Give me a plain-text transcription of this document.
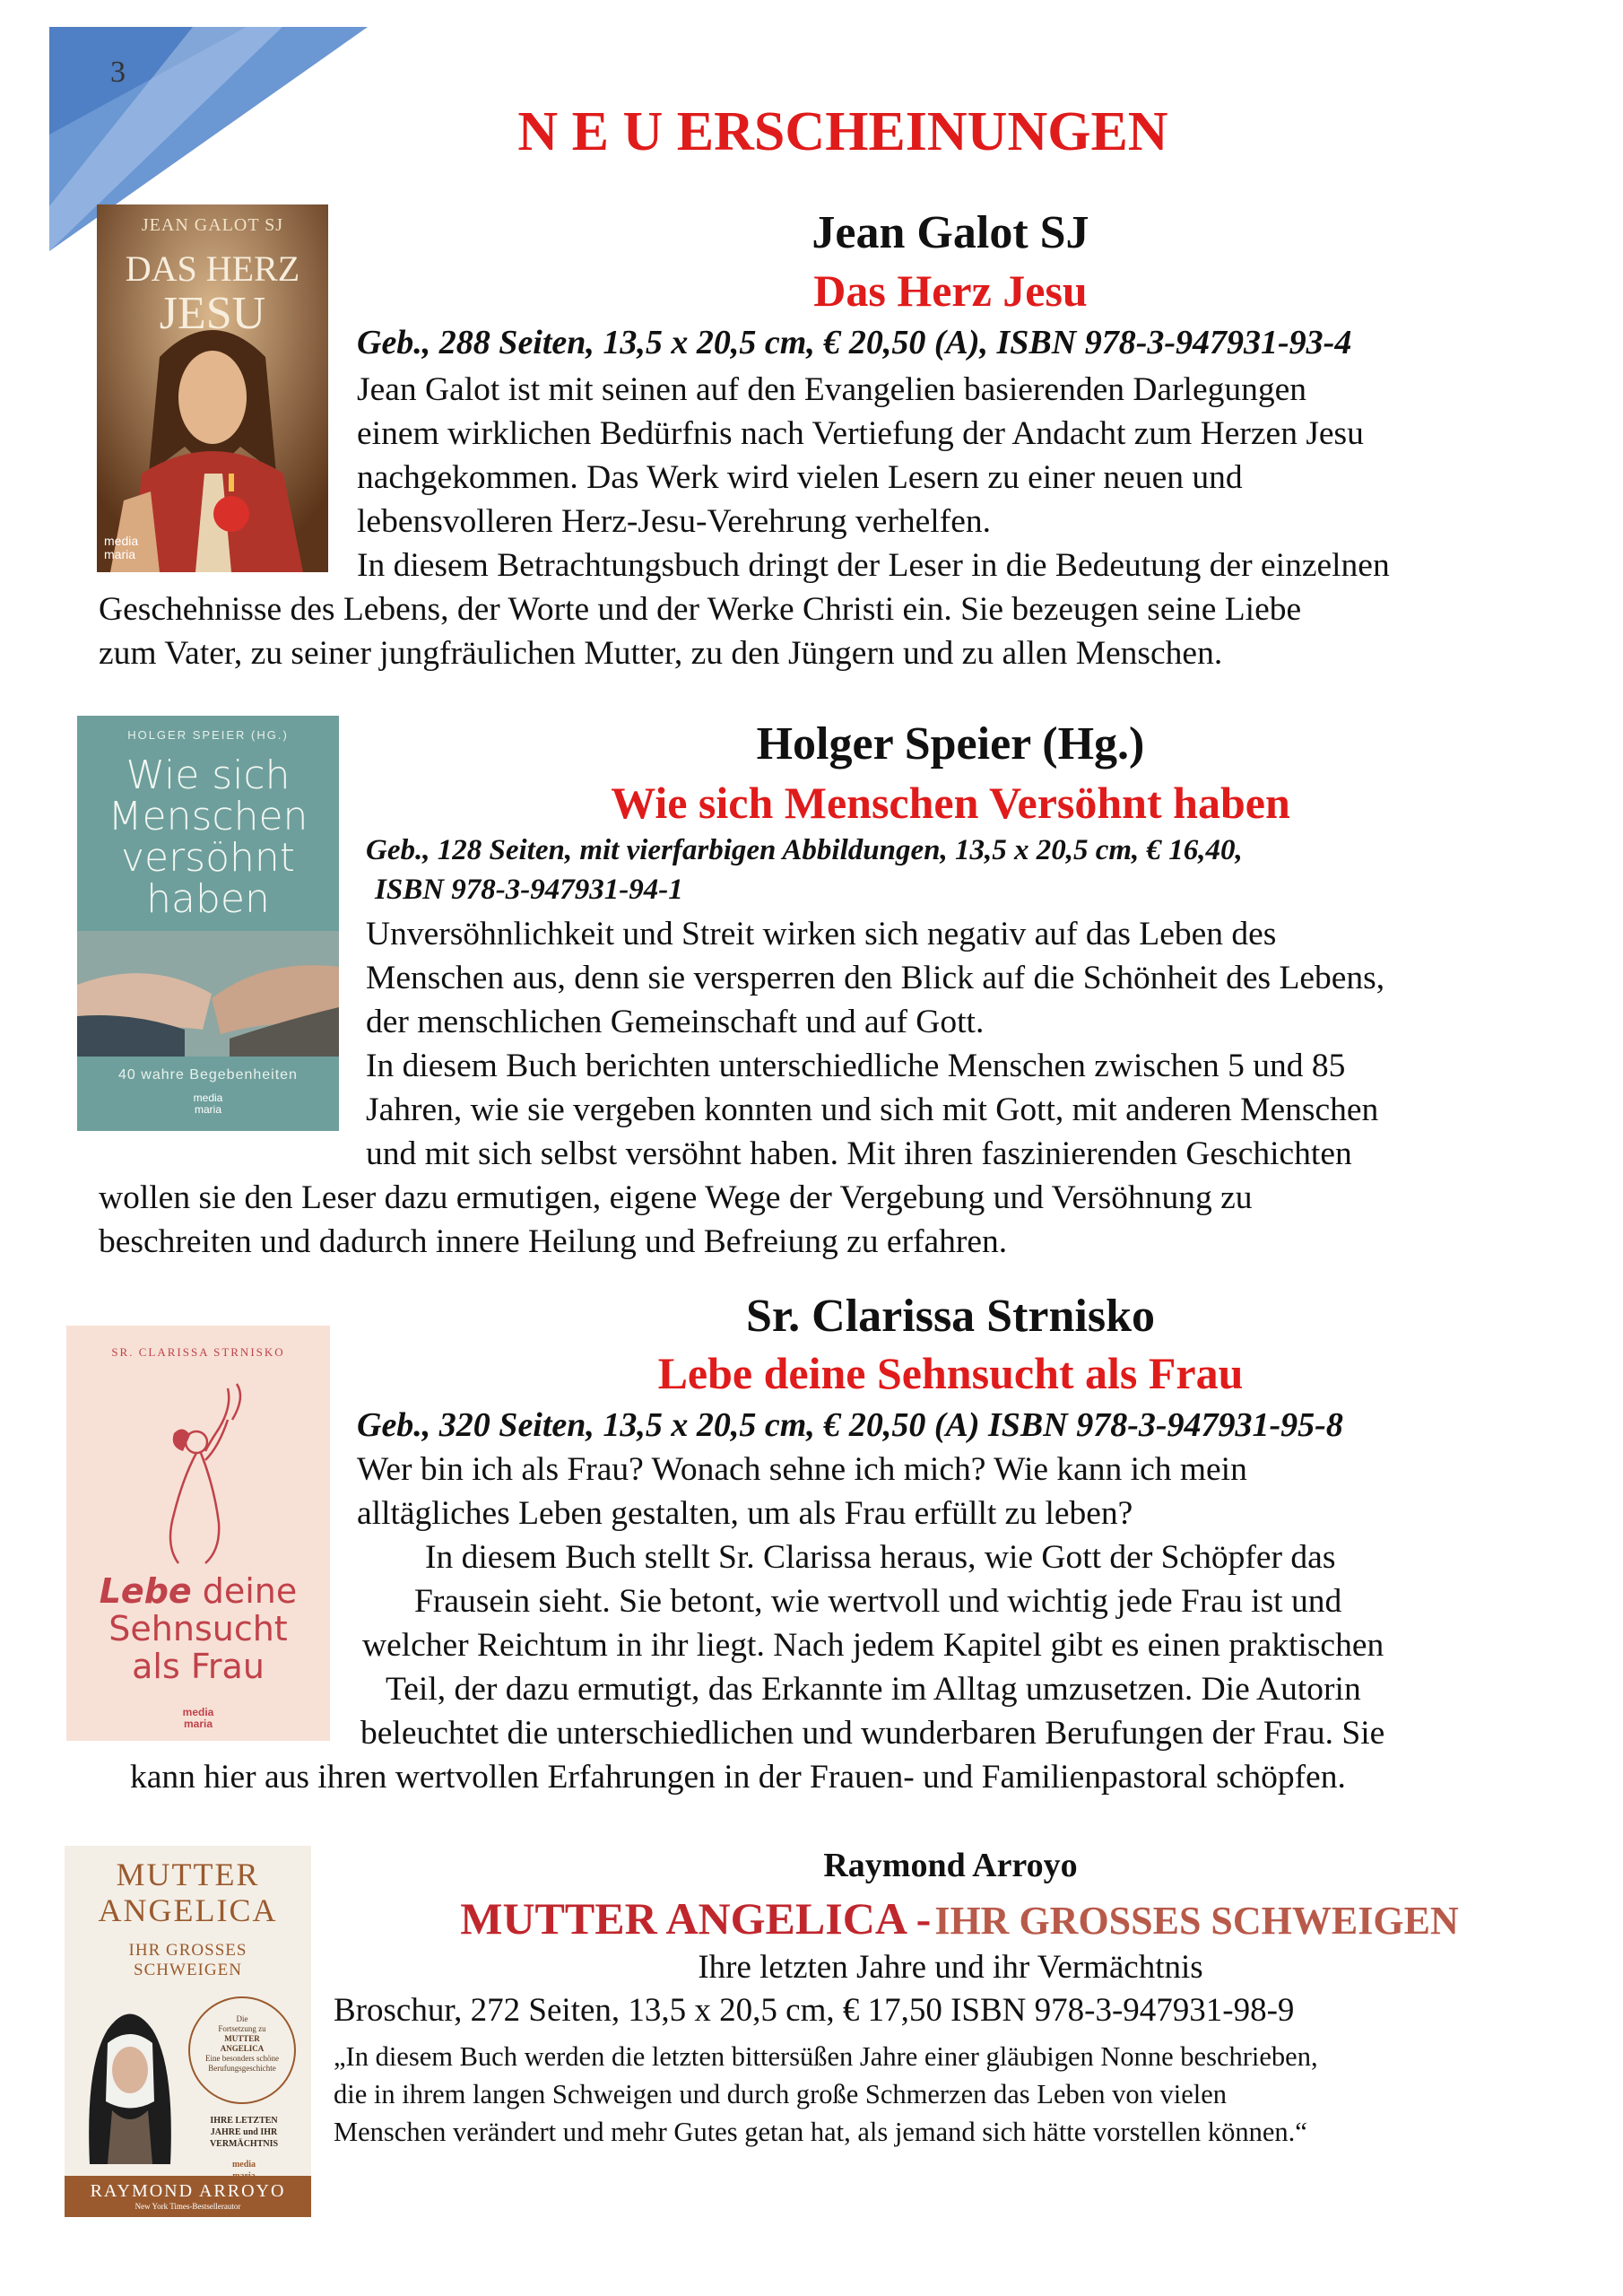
3
N E U ERSCHEINUNGEN
JEAN GALOT SJ
DAS HERZ
JESU
media
maria
Jean Galot SJ
Das Herz Jesu
Geb., 288 Seiten, 13,5 x 20,5 cm, € 20,50 (A), ISBN 978-3-947931-93-4

Jean Galot ist mit seinen auf den Evangelien basierenden Darlegungen

einem wirklichen Bedürfnis nach Vertiefung der Andacht zum Herzen Jesu

nachgekommen. Das Werk wird vielen Lesern zu einer neuen und

lebensvolleren Herz-Jesu-Verehrung verhelfen.

In diesem Betrachtungsbuch dringt der Leser in die Bedeutung der einzelnen

Geschehnisse des Lebens, der Worte und der Werke Christi ein. Sie bezeugen seine Liebe

zum Vater, zu seiner jungfräulichen Mutter, zu den Jüngern und zu allen Menschen.

HOLGER SPEIER (HG.)
Wie sich
Menschen
versöhnt
haben
40 wahre Begebenheiten
media
maria
Holger Speier (Hg.)
Wie sich Menschen Versöhnt haben
Geb., 128 Seiten, mit vierfarbigen Abbildungen, 13,5 x 20,5 cm, € 16,40,
ISBN 978-3-947931-94-1

Unversöhnlichkeit und Streit wirken sich negativ auf das Leben des

Menschen aus, denn sie versperren den Blick auf die Schönheit des Lebens,

der menschlichen Gemeinschaft und auf Gott.

In diesem Buch berichten unterschiedliche Menschen zwischen 5 und 85

Jahren, wie sie vergeben konnten und sich mit Gott, mit anderen Menschen

und mit sich selbst versöhnt haben. Mit ihren faszinierenden Geschichten

wollen sie den Leser dazu ermutigen, eigene Wege der Vergebung und Versöhnung zu

beschreiten und dadurch innere Heilung und Befreiung zu erfahren.

SR. CLARISSA STRNISKO
Lebe deine
Sehnsucht
als Frau
media
maria
Sr. Clarissa Strnisko
Lebe deine Sehnsucht als Frau
Geb., 320 Seiten, 13,5 x 20,5 cm, € 20,50 (A) ISBN 978-3-947931-95-8

Wer bin ich als Frau? Wonach sehne ich mich? Wie kann ich mein

alltägliches Leben gestalten, um als Frau erfüllt zu leben?

In diesem Buch stellt Sr. Clarissa heraus, wie Gott der Schöpfer das

Frausein sieht. Sie betont, wie wertvoll und wichtig jede Frau ist und

welcher Reichtum in ihr liegt. Nach jedem Kapitel gibt es einen praktischen

Teil, der dazu ermutigt, das Erkannte im Alltag umzusetzen. Die Autorin

beleuchtet die unterschiedlichen und wunderbaren Berufungen der Frau. Sie

kann hier aus ihren wertvollen Erfahrungen in der Frauen- und Familienpastoral schöpfen.

MUTTER
ANGELICA
IHR GROSSES
SCHWEIGEN
Die
Fortsetzung zu
MUTTER
ANGELICA
Eine besonders schöne
Berufungsgeschichte
IHRE LETZTEN
JAHRE und IHR
VERMÄCHTNIS
media
RAYMOND ARROYO
New York Times-Bestsellerautor
Raymond Arroyo
MUTTER ANGELICA - IHR GROSSES SCHWEIGEN
Ihre letzten Jahre und ihr Vermächtnis
Broschur, 272 Seiten, 13,5 x 20,5 cm, € 17,50 ISBN 978-3-947931-98-9
„In diesem Buch werden die letzten bittersüßen Jahre einer gläubigen Nonne beschrieben,
die in ihrem langen Schweigen und durch große Schmerzen das Leben von vielen
Menschen verändert und mehr Gutes getan hat, als jemand sich hätte vorstellen können.“
